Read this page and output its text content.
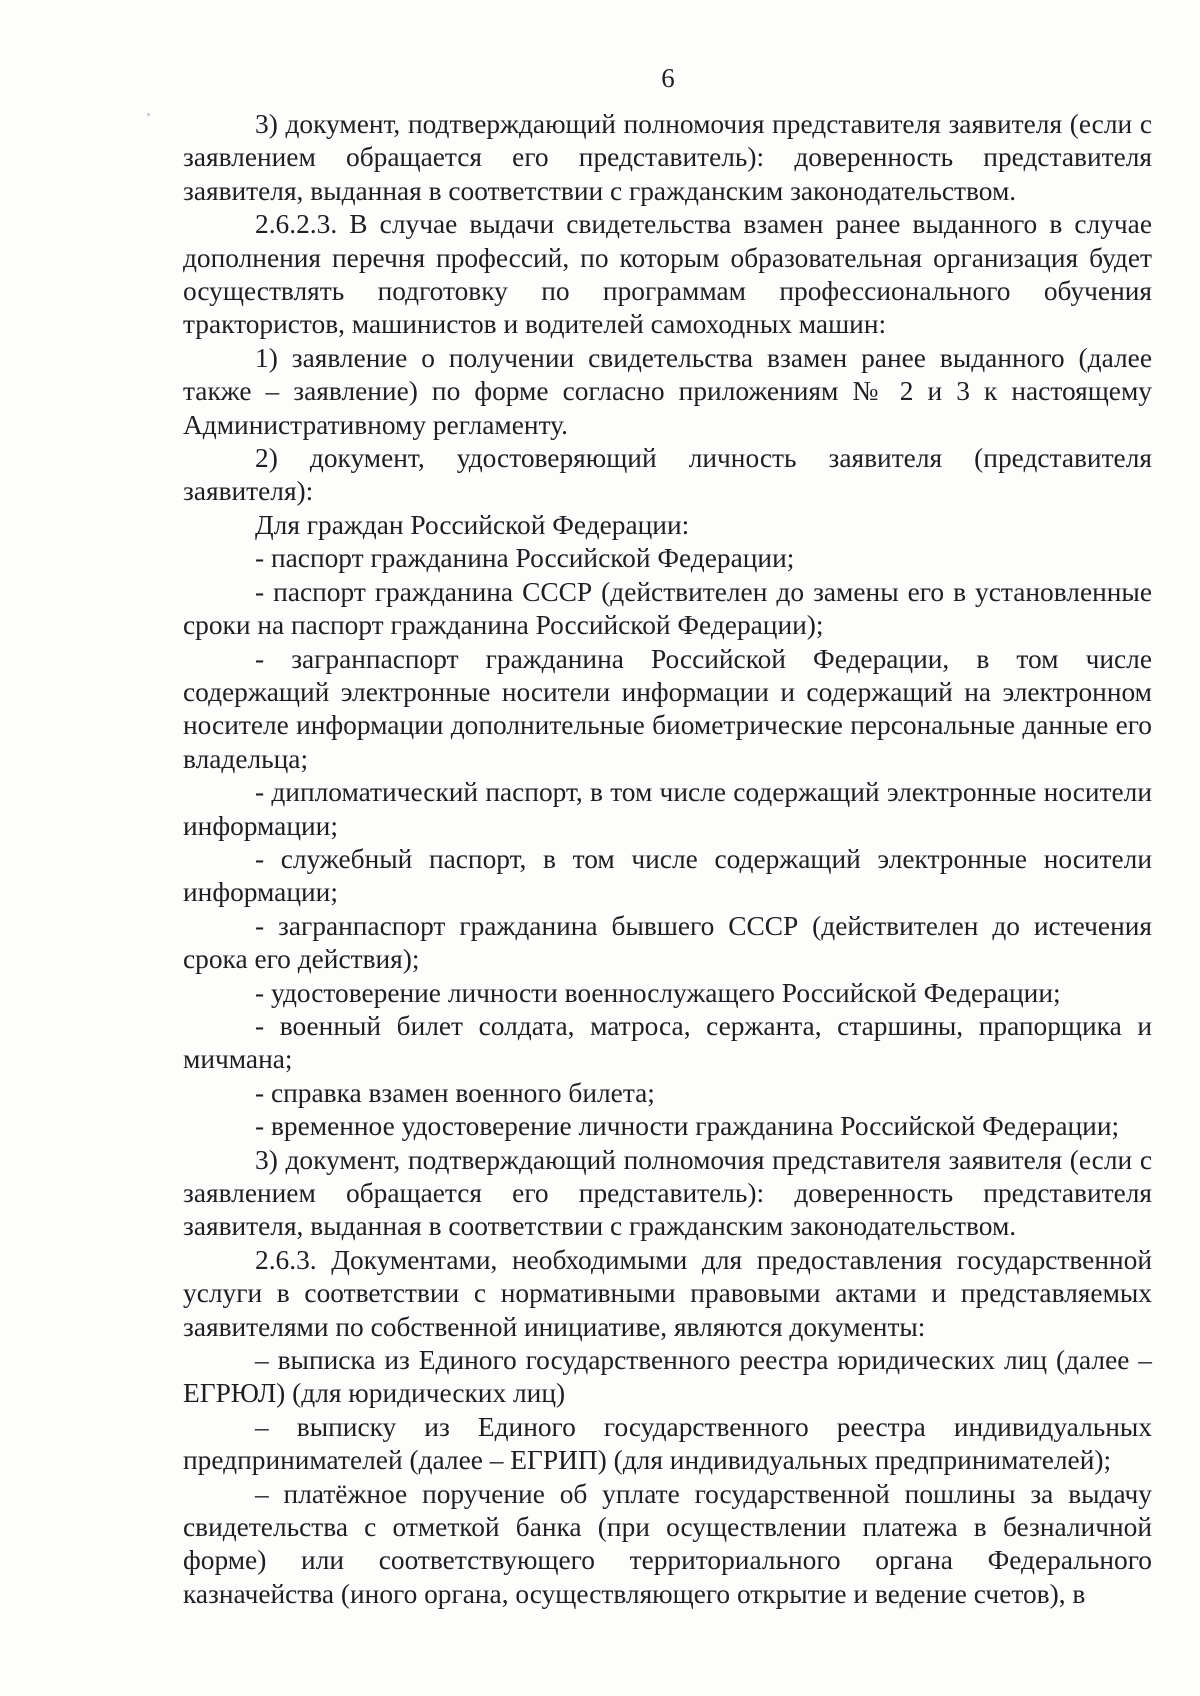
6

3) документ, подтверждающий полномочия представителя заявителя (если с заявлением обращается его представитель): доверенность представителя заявителя, выданная в соответствии с гражданским законодательством.

2.6.2.3. В случае выдачи свидетельства взамен ранее выданного в случае дополнения перечня профессий, по которым образовательная организация будет осуществлять подготовку по программам профессионального обучения трактористов, машинистов и водителей самоходных машин:

1) заявление о получении свидетельства взамен ранее выданного (далее также – заявление) по форме согласно приложениям № 2 и 3 к настоящему Административному регламенту.

2) документ, удостоверяющий личность заявителя (представителя заявителя):

Для граждан Российской Федерации:

- паспорт гражданина Российской Федерации;

- паспорт гражданина СССР (действителен до замены его в установленные сроки на паспорт гражданина Российской Федерации);

- загранпаспорт гражданина Российской Федерации, в том числе содержащий электронные носители информации и содержащий на электронном носителе информации дополнительные биометрические персональные данные его владельца;

- дипломатический паспорт, в том числе содержащий электронные носители информации;

- служебный паспорт, в том числе содержащий электронные носители информации;

- загранпаспорт гражданина бывшего СССР (действителен до истечения срока его действия);

- удостоверение личности военнослужащего Российской Федерации;

- военный билет солдата, матроса, сержанта, старшины, прапорщика и мичмана;

- справка взамен военного билета;

- временное удостоверение личности гражданина Российской Федерации;

3) документ, подтверждающий полномочия представителя заявителя (если с заявлением обращается его представитель): доверенность представителя заявителя, выданная в соответствии с гражданским законодательством.

2.6.3. Документами, необходимыми для предоставления государственной услуги в соответствии с нормативными правовыми актами и представляемых заявителями по собственной инициативе, являются документы:

– выписка из Единого государственного реестра юридических лиц (далее – ЕГРЮЛ) (для юридических лиц)

– выписку из Единого государственного реестра индивидуальных предпринимателей (далее – ЕГРИП) (для индивидуальных предпринимателей);

– платёжное поручение об уплате государственной пошлины за выдачу свидетельства с отметкой банка (при осуществлении платежа в безналичной форме) или соответствующего территориального органа Федерального казначейства (иного органа, осуществляющего открытие и ведение счетов), в
